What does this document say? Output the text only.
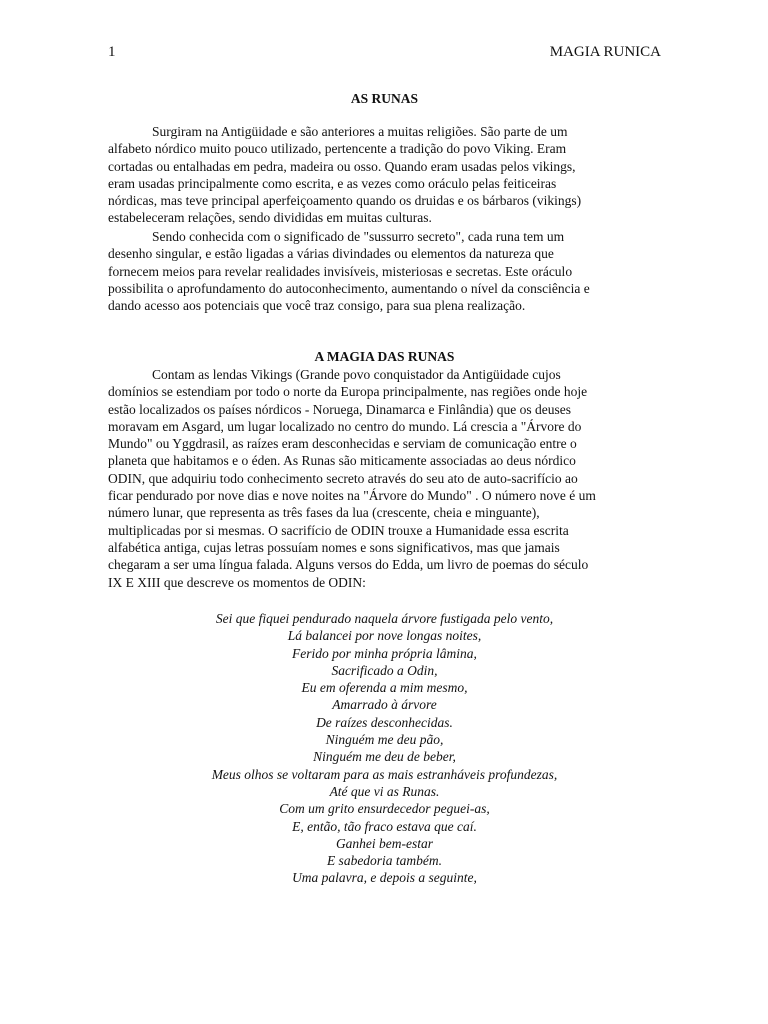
1	MAGIA RUNICA
AS RUNAS

Surgiram na Antigüidade e são anteriores a muitas religiões. São parte de um
alfabeto nórdico muito pouco utilizado, pertencente a tradição do povo Viking. Eram
cortadas ou entalhadas em pedra, madeira ou osso. Quando eram usadas pelos vikings,
eram usadas principalmente como escrita, e as vezes como oráculo pelas feiticeiras
nórdicas, mas teve principal aperfeiçoamento quando os druidas e os bárbaros (vikings)
estabeleceram relações, sendo divididas em muitas culturas.

Sendo conhecida com o significado de "sussurro secreto", cada runa tem um
desenho singular, e estão ligadas a várias divindades ou elementos da natureza que
fornecem meios para revelar realidades invisíveis, misteriosas e secretas. Este oráculo
possibilita o aprofundamento do autoconhecimento, aumentando o nível da consciência e
dando acesso aos potenciais que você traz consigo, para sua plena realização.

A MAGIA DAS RUNAS

Contam as lendas Vikings (Grande povo conquistador da Antigüidade cujos
domínios se estendiam por todo o norte da Europa principalmente, nas regiões onde hoje
estão localizados os países nórdicos - Noruega, Dinamarca e Finlândia) que os deuses
moravam em Asgard, um lugar localizado no centro do mundo. Lá crescia a "Árvore do
Mundo" ou Yggdrasil, as raízes eram desconhecidas e serviam de comunicação entre o
planeta que habitamos e o éden. As Runas são miticamente associadas ao deus nórdico
ODIN, que adquiriu todo conhecimento secreto através do seu ato de auto-sacrifício ao
ficar pendurado por nove dias e nove noites na "Árvore do Mundo" . O número nove é um
número lunar, que representa as três fases da lua (crescente, cheia e minguante),
multiplicadas por si mesmas. O sacrifício de ODIN trouxe a Humanidade essa escrita
alfabética antiga, cujas letras possuíam nomes e sons significativos, mas que jamais
chegaram a ser uma língua falada. Alguns versos do Edda, um livro de poemas do século
IX E XIII que descreve os momentos de ODIN:

Sei que fiquei pendurado naquela árvore fustigada pelo vento,
Lá balancei por nove longas noites,
Ferido por minha própria lâmina,
Sacrificado a Odin,
Eu em oferenda a mim mesmo,
Amarrado à árvore
De raízes desconhecidas.
Ninguém me deu pão,
Ninguém me deu de beber,
Meus olhos se voltaram para as mais estranháveis profundezas,
Até que vi as Runas.
Com um grito ensurdecedor peguei-as,
E, então, tão fraco estava que caí.
Ganhei bem-estar
E sabedoria também.
Uma palavra, e depois a seguinte,
